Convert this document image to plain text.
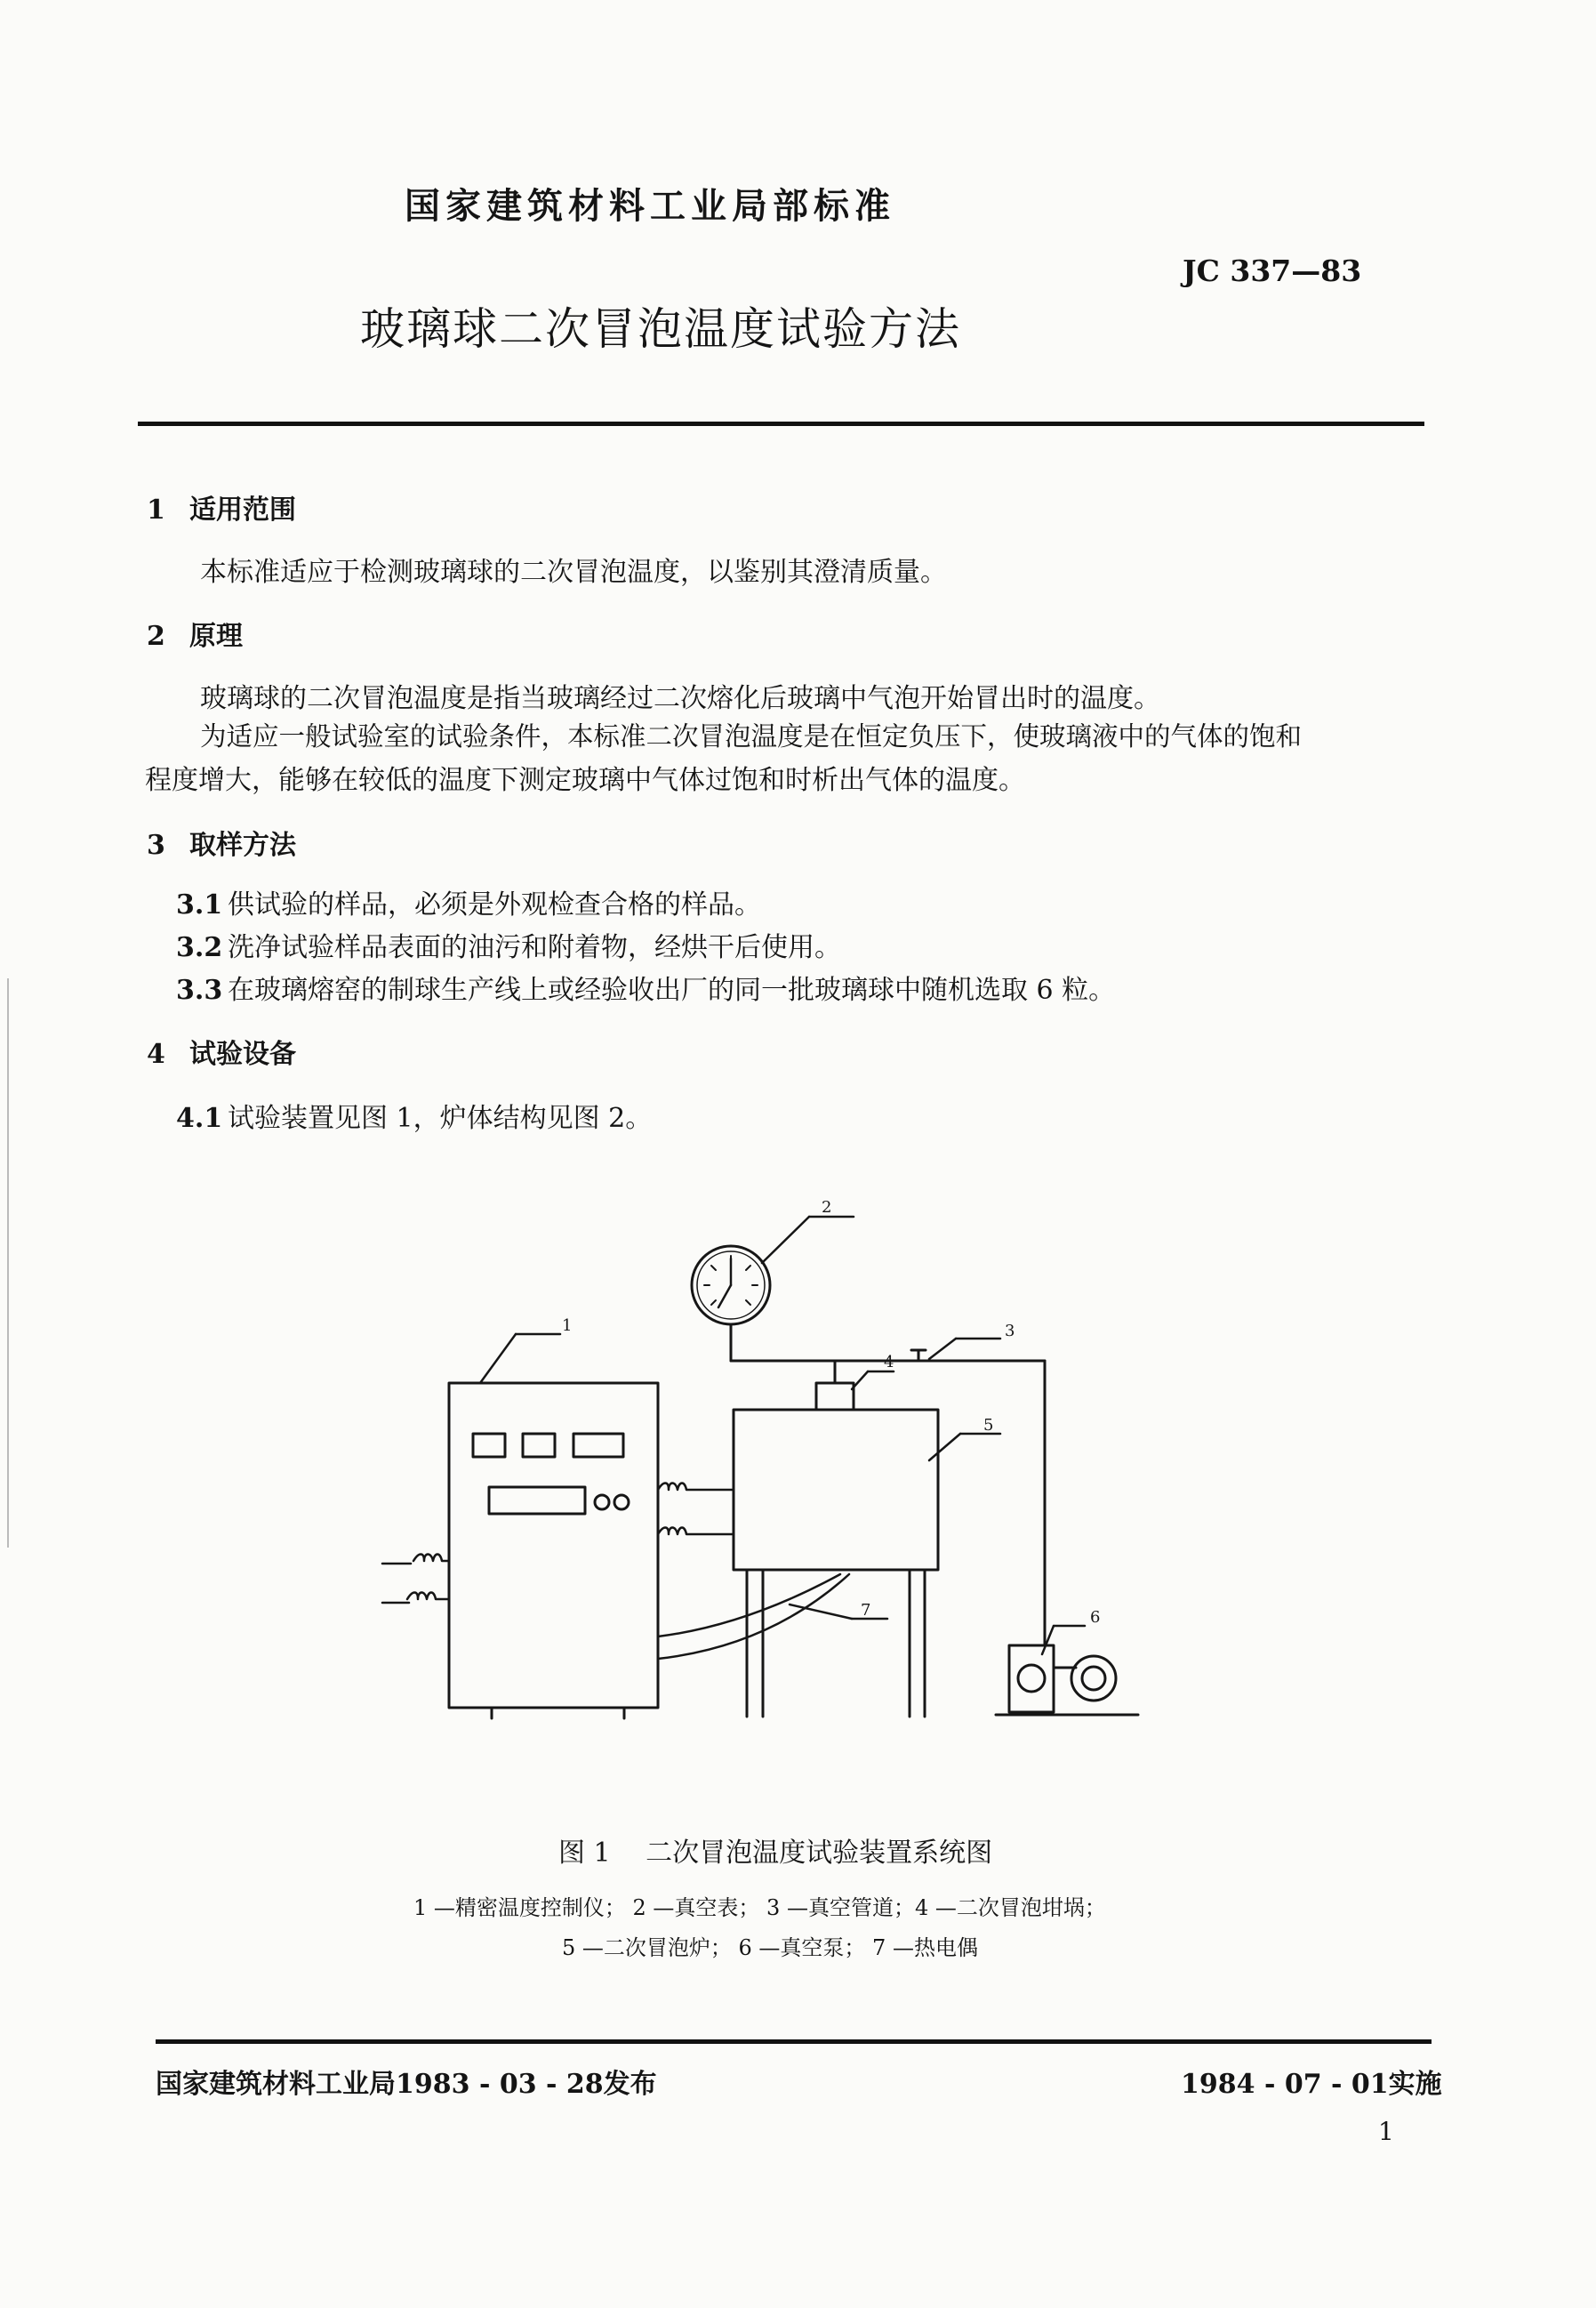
国家建筑材料工业局部标准
JC 337—83
玻璃球二次冒泡温度试验方法
1 适用范围
本标准适应于检测玻璃球的二次冒泡温度，以鉴别其澄清质量。
2 原理
玻璃球的二次冒泡温度是指当玻璃经过二次熔化后玻璃中气泡开始冒出时的温度。
为适应一般试验室的试验条件，本标准二次冒泡温度是在恒定负压下，使玻璃液中的气体的饱和
程度增大，能够在较低的温度下测定玻璃中气体过饱和时析出气体的温度。
3 取样方法
3.1 供试验的样品，必须是外观检查合格的样品。
3.2 洗净试验样品表面的油污和附着物，经烘干后使用。
3.3 在玻璃熔窑的制球生产线上或经验收出厂的同一批玻璃球中随机选取 6 粒。
4 试验设备
4.1 试验装置见图 1，炉体结构见图 2。
1
2
3
4
5
6
7
图 1　 二次冒泡温度试验装置系统图
1 —精密温度控制仪； 2 —真空表； 3 —真空管道；4 —二次冒泡坩埚；
5 —二次冒泡炉； 6 —真空泵； 7 —热电偶
国家建筑材料工业局1983 - 03 - 28发布	1984 - 07 - 01实施
1
